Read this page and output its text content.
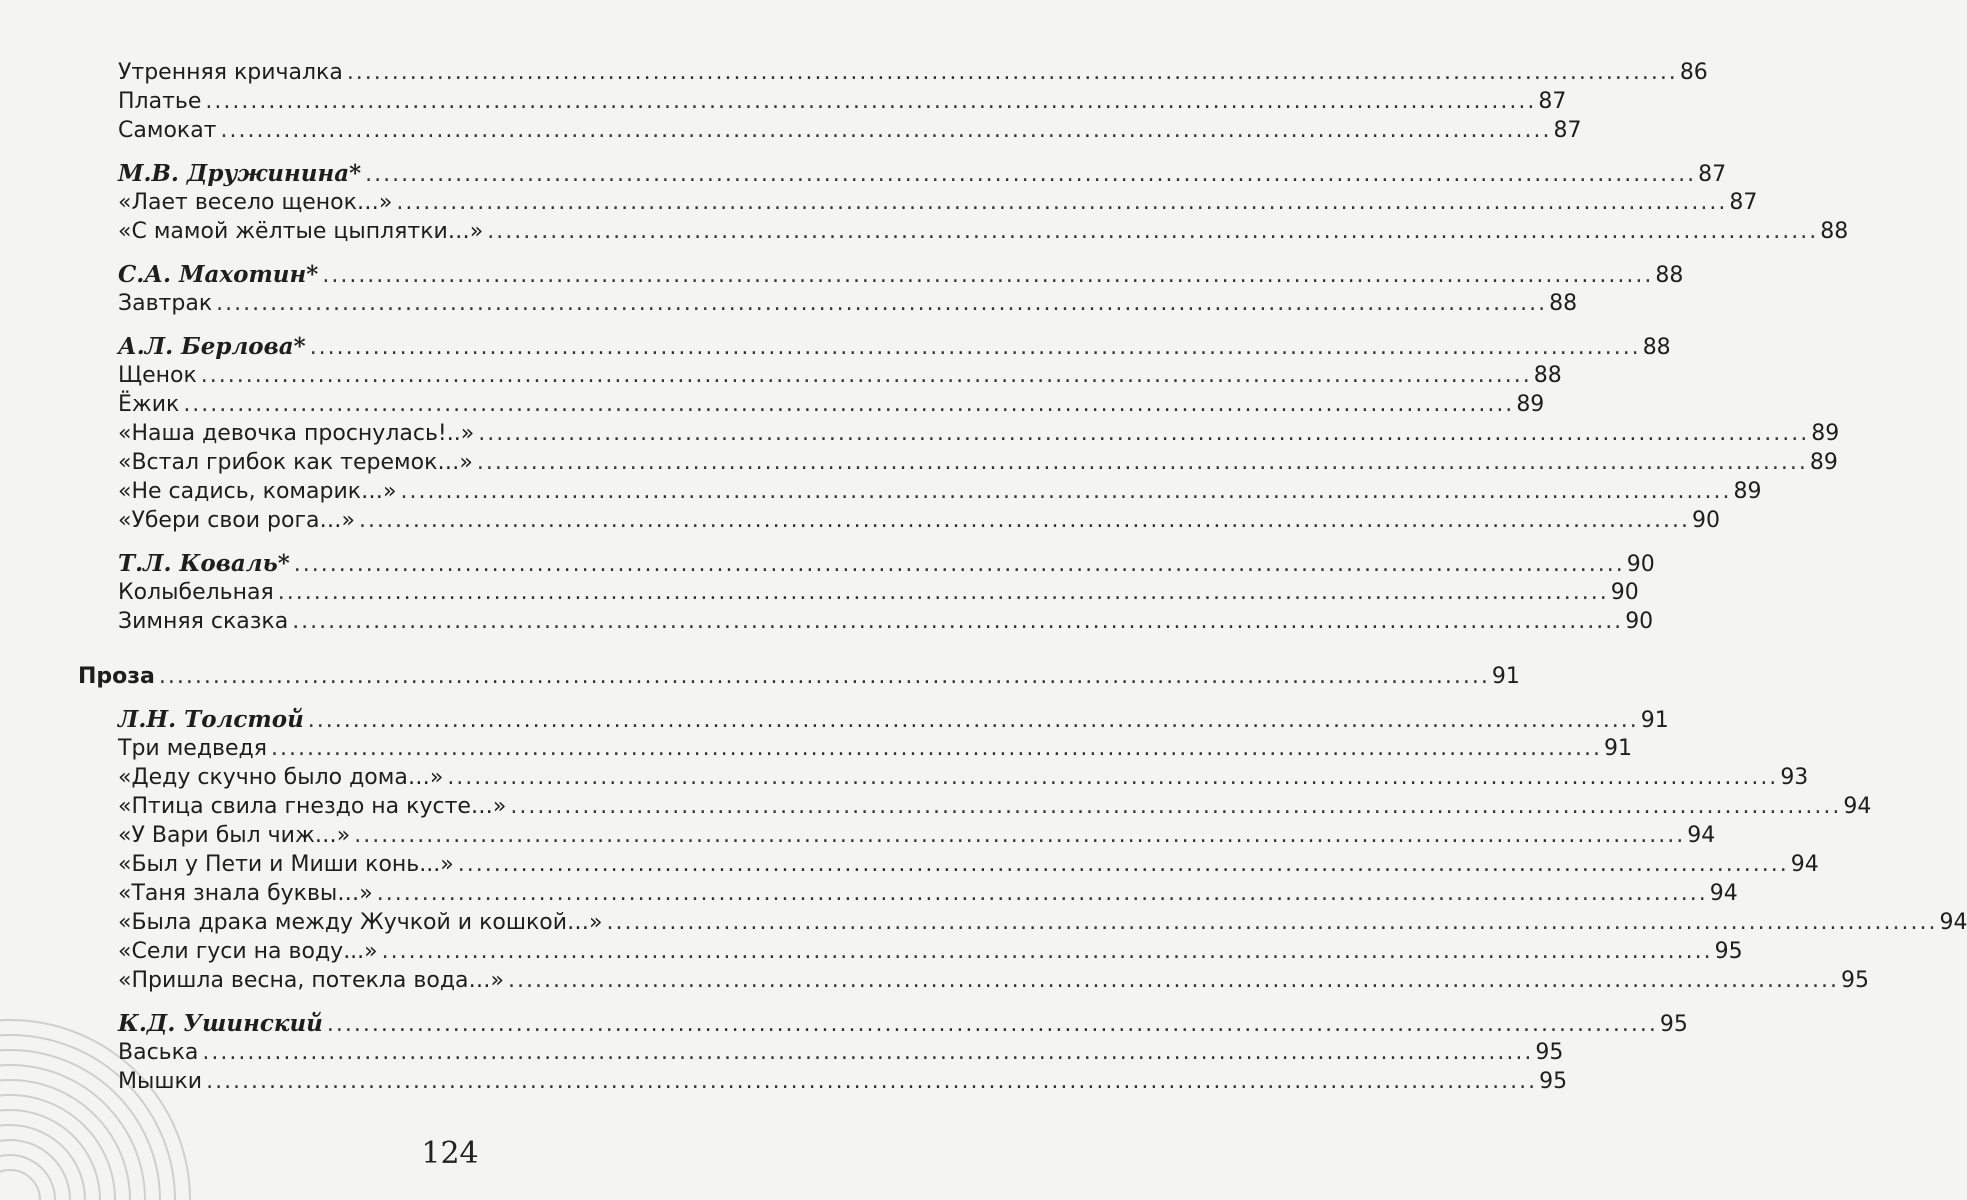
Утренняя кричалка .................................................................................................................................................... 86
Платье .................................................................................................................................................... 87
Самокат .................................................................................................................................................... 87
М.В. Дружинина* .................................................................................................................................................... 87
«Лает весело щенок…» .................................................................................................................................................... 87
«С мамой жёлтые цыплятки…» .................................................................................................................................................... 88
С.А. Махотин* .................................................................................................................................................... 88
Завтрак .................................................................................................................................................... 88
А.Л. Берлова* .................................................................................................................................................... 88
Щенок .................................................................................................................................................... 88
Ёжик .................................................................................................................................................... 89
«Наша девочка проснулась!..» .................................................................................................................................................... 89
«Встал грибок как теремок…» .................................................................................................................................................... 89
«Не садись, комарик…» .................................................................................................................................................... 89
«Убери свои рога…» .................................................................................................................................................... 90
Т.Л. Коваль* .................................................................................................................................................... 90
Колыбельная .................................................................................................................................................... 90
Зимняя сказка .................................................................................................................................................... 90
Проза .................................................................................................................................................... 91
Л.Н. Толстой .................................................................................................................................................... 91
Три медведя .................................................................................................................................................... 91
«Деду скучно было дома…» .................................................................................................................................................... 93
«Птица свила гнездо на кусте…» .................................................................................................................................................... 94
«У Вари был чиж…» .................................................................................................................................................... 94
«Был у Пети и Миши конь...» .................................................................................................................................................... 94
«Таня знала буквы…» .................................................................................................................................................... 94
«Была драка между Жучкой и кошкой…» .................................................................................................................................................... 94
«Сели гуси на воду...» .................................................................................................................................................... 95
«Пришла весна, потекла вода…» .................................................................................................................................................... 95
К.Д. Ушинский .................................................................................................................................................... 95
Васька .................................................................................................................................................... 95
Мышки .................................................................................................................................................... 95
124
